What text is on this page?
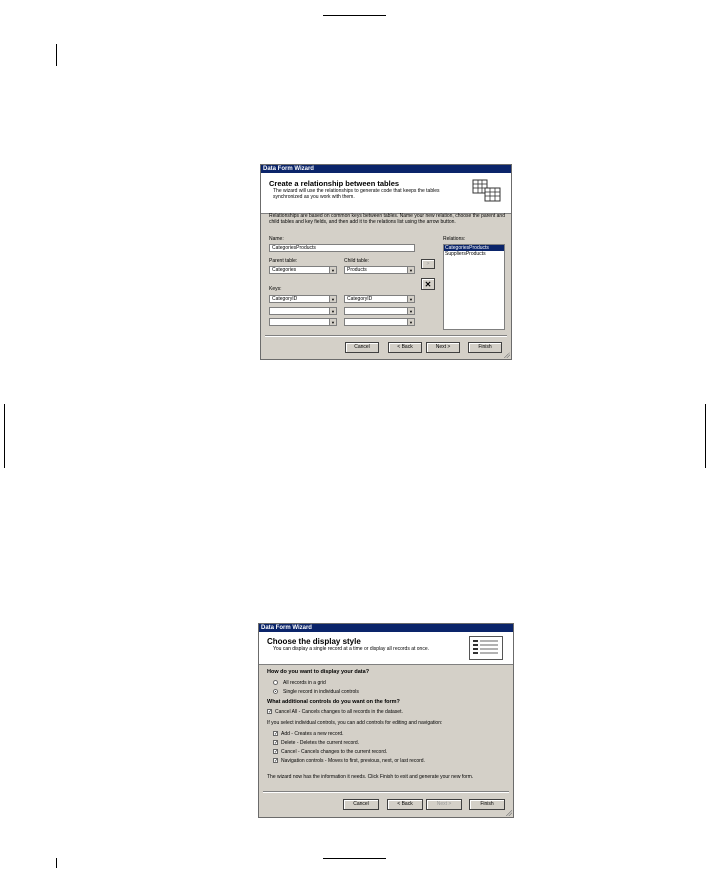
Data Form Wizard
Create a relationship between tables
The wizard will use the relationships to generate code that keeps the tables synchronized as you work with them.
Relationships are based on common keys between tables. Name your new relation, choose the parent and child tables and key fields, and then add it to the relations list using the arrow button.
Name:
CategoriesProducts
Parent table:
Categories	▼
Child table:
Products	▼
Keys:
CategoryID	▼	CategoryID	▼
▼	▼
▼	▼
>
✕
Relations:
CategoriesProducts
SuppliersProducts
Cancel	< Back	Next >	Finish
Data Form Wizard
Choose the display style
You can display a single record at a time or display all records at once.
How do you want to display your data?
All records in a grid
Single record in individual controls
What additional controls do you want on the form?
✓ Cancel All - Cancels changes to all records in the dataset.
If you select individual controls, you can add controls for editing and navigation:
✓ Add - Creates a new record.
✓ Delete - Deletes the current record.
✓ Cancel - Cancels changes to the current record.
✓ Navigation controls - Moves to first, previous, next, or last record.
The wizard now has the information it needs. Click Finish to exit and generate your new form.
Cancel	< Back	Next >	Finish
